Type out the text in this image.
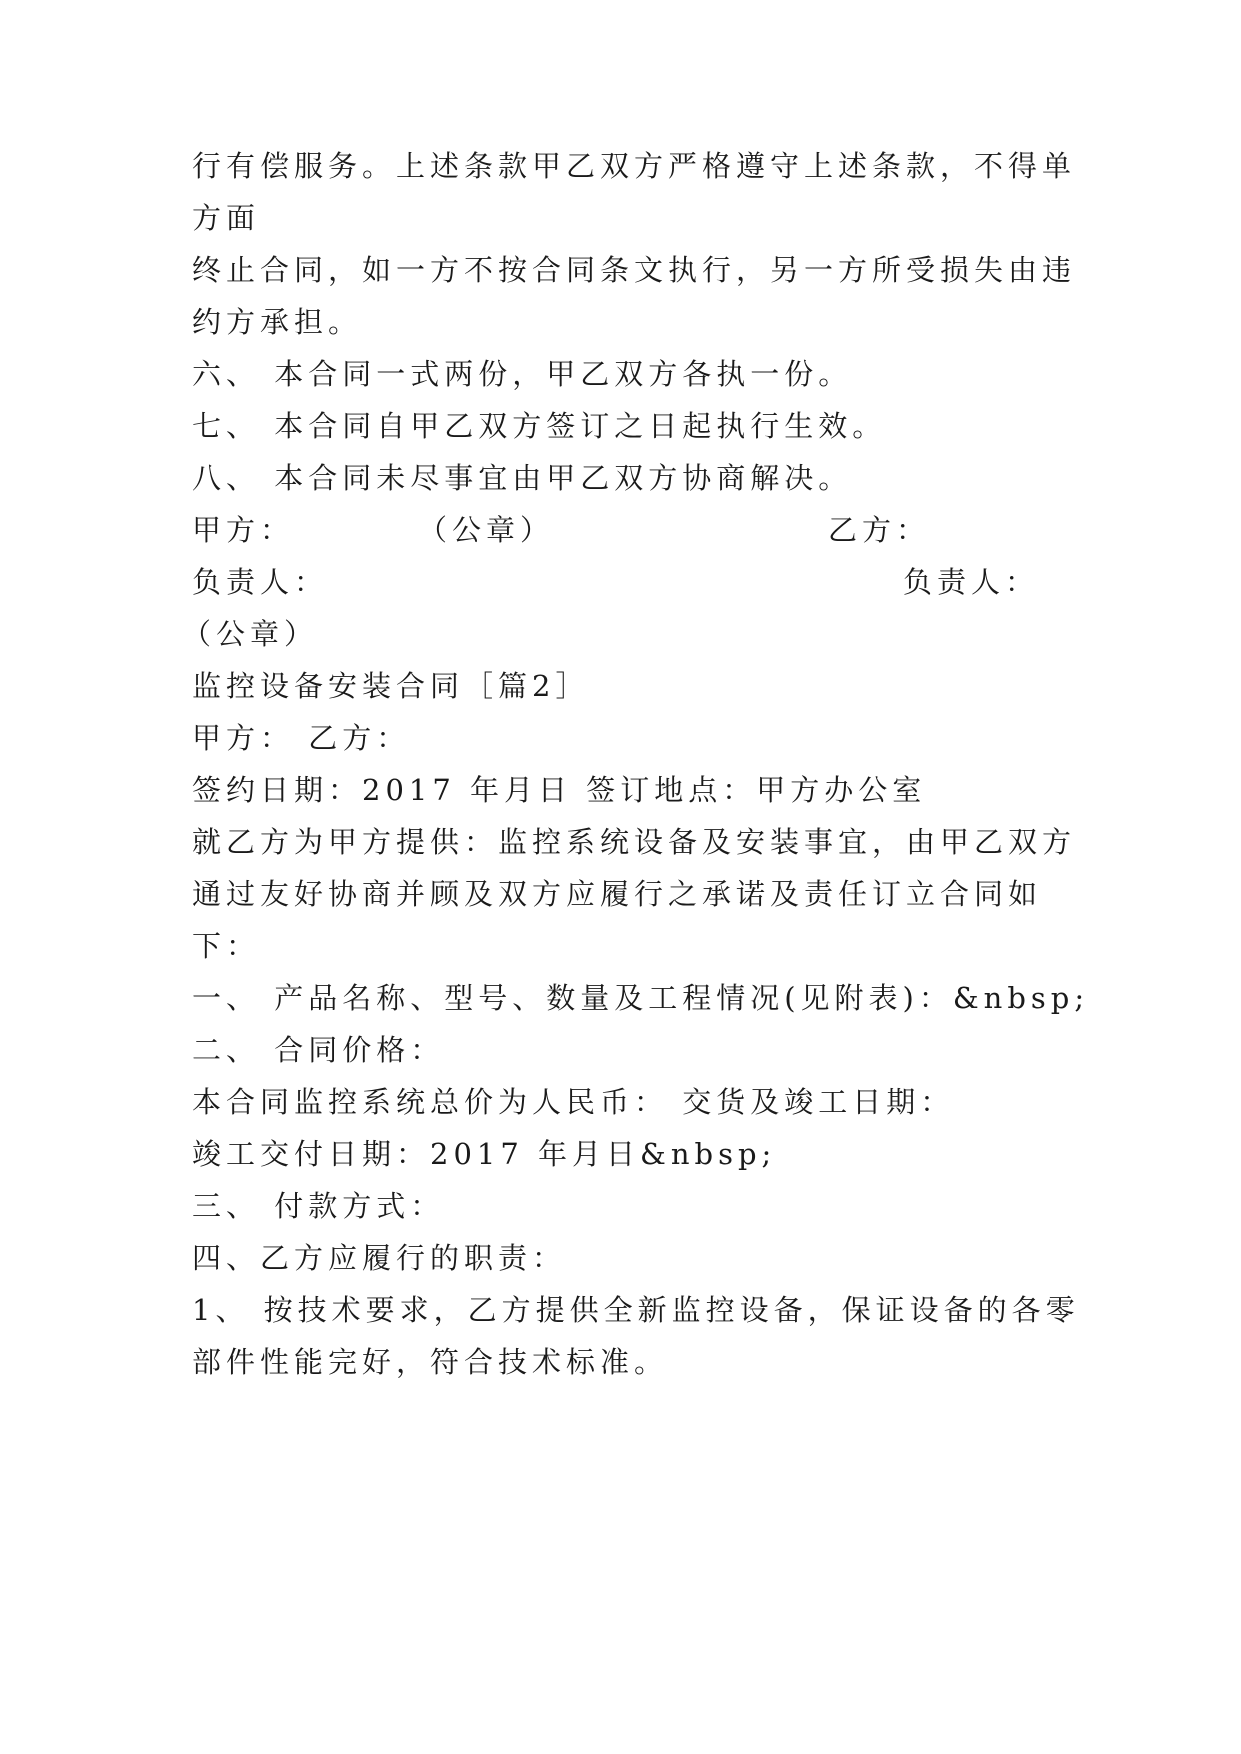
行有偿服务。上述条款甲乙双方严格遵守上述条款，不得单
方面
终止合同，如一方不按合同条文执行，另一方所受损失由违
约方承担。
六、 本合同一式两份，甲乙双方各执一份。
七、 本合同自甲乙双方签订之日起执行生效。
八、 本合同未尽事宜由甲乙双方协商解决。
甲方：	（公章）	乙方：
负责人：	负责人：
（公章）
监控设备安装合同［篇2］
甲方： 乙方：
签约日期：2017 年月日 签订地点：甲方办公室
就乙方为甲方提供：监控系统设备及安装事宜，由甲乙双方
通过友好协商并顾及双方应履行之承诺及责任订立合同如
下：
一、 产品名称、型号、数量及工程情况(见附表)：&nbsp;
二、 合同价格：
本合同监控系统总价为人民币： 交货及竣工日期：
竣工交付日期：2017 年月日&nbsp;
三、 付款方式：
四、乙方应履行的职责：
1、 按技术要求，乙方提供全新监控设备，保证设备的各零
部件性能完好，符合技术标准。
